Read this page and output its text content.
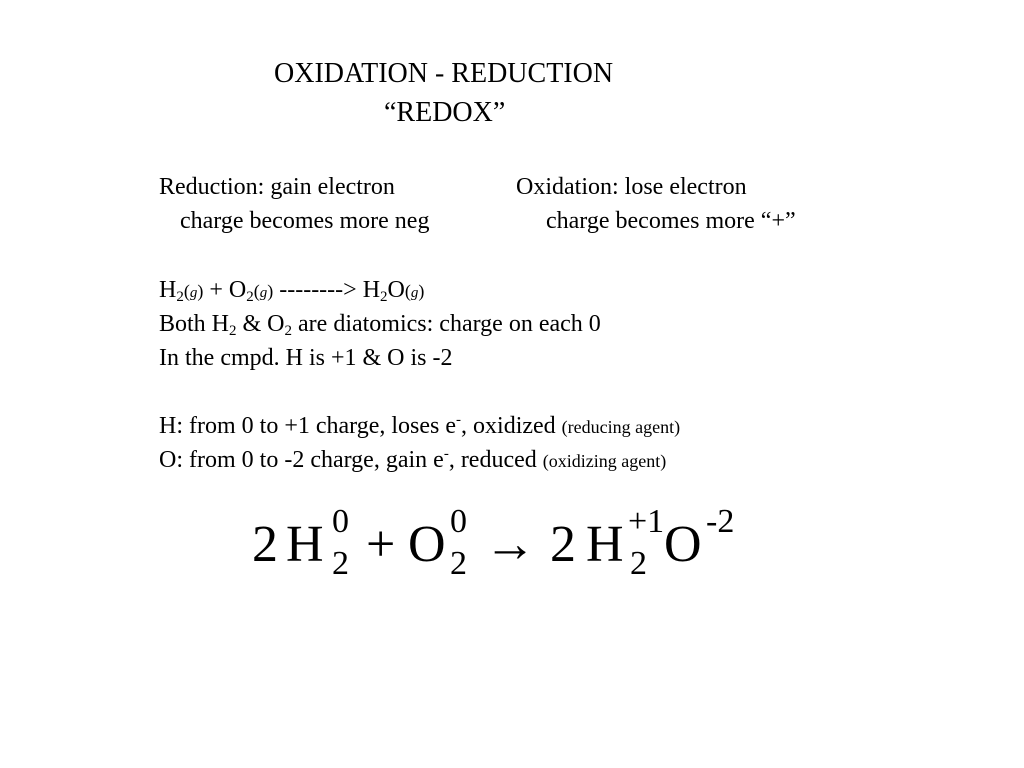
OXIDATION - REDUCTION
“REDOX”
Reduction: gain electron
charge becomes more neg
Oxidation: lose electron
charge becomes more “+”
$H_2(g) + O_2(g)$ --------> $H_2O(g)$
Both $H_2$ & $O_2$ are diatomics: charge on each 0
In the cmpd. H is +1 & O is -2
H: from 0 to +1 charge, loses e-, oxidized (reducing agent)
O: from 0 to -2 charge, gain e-, reduced (oxidizing agent)
2 H 2
0 + O 2
0 → 2 H 2
+1 O -2
